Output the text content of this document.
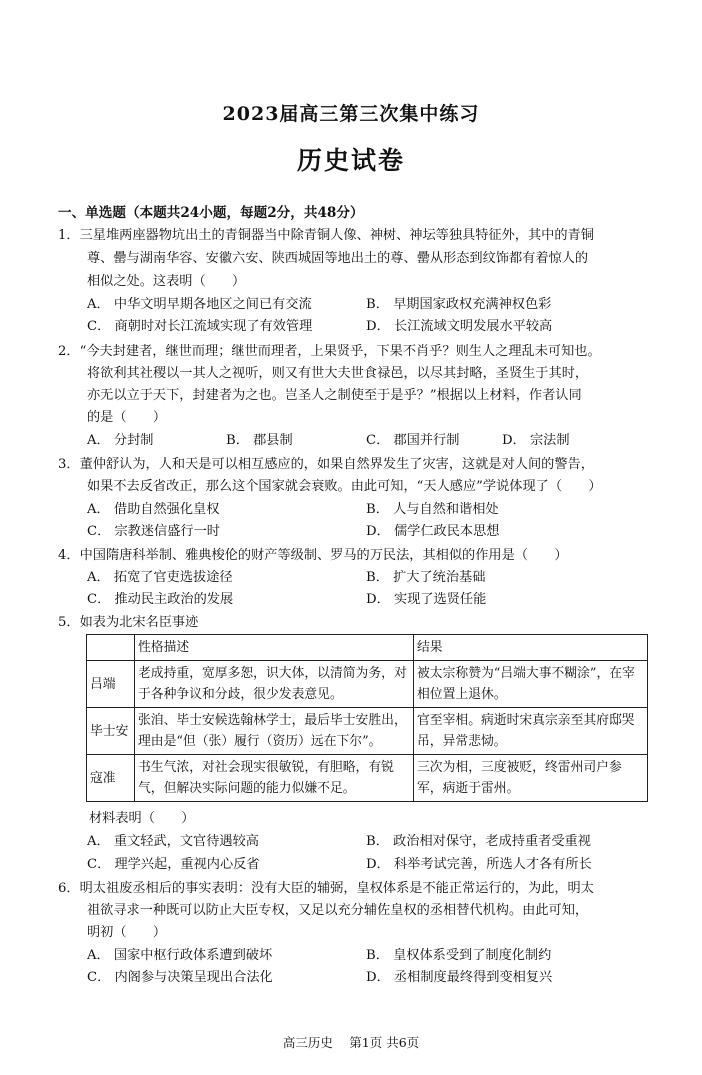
2023届高三第三次集中练习
历史试卷
一、单选题（本题共24小题，每题2分，共48分）
1．三星堆两座器物坑出土的青铜器当中除青铜人像、神树、神坛等独具特征外，其中的青铜
尊、罍与湖南华容、安徽六安、陕西城固等地出土的尊、罍从形态到纹饰都有着惊人的
相似之处。这表明（　　）
A． 中华文明早期各地区之间已有交流	B． 早期国家政权充满神权色彩
C． 商朝时对长江流域实现了有效管理	D． 长江流域文明发展水平较高
2．“今夫封建者，继世而理；继世而理者，上果贤乎，下果不肖乎？则生人之理乱未可知也。
将欲利其社稷以一其人之视听，则又有世大夫世食禄邑，以尽其封略，圣贤生于其时，
亦无以立于天下，封建者为之也。岂圣人之制使至于是乎？”根据以上材料，作者认同
的是（　　）
A． 分封制	B． 郡县制	C． 郡国并行制	D． 宗法制
3．董仲舒认为，人和天是可以相互感应的，如果自然界发生了灾害，这就是对人间的警告，
如果不去反省改正，那么这个国家就会衰败。由此可知，“天人感应”学说体现了（　　）
A． 借助自然强化皇权	B． 人与自然和谐相处
C． 宗教迷信盛行一时	D． 儒学仁政民本思想
4．中国隋唐科举制、雅典梭伦的财产等级制、罗马的万民法，其相似的作用是（　　）
A． 拓宽了官吏选拔途径	B． 扩大了统治基础
C． 推动民主政治的发展	D． 实现了选贤任能
5．如表为北宋名臣事迹
	性格描述	结果
吕端	老成持重，宽厚多恕，识大体，以清简为务，对于各种争议和分歧，很少发表意见。	被太宗称赞为“吕端大事不糊涂”，在宰相位置上退休。
毕士安	张洎、毕士安候选翰林学士，最后毕士安胜出，理由是“但（张）履行（资历）远在下尔”。	官至宰相。病逝时宋真宗亲至其府邸哭吊，异常悲恸。
寇准	书生气浓，对社会现实很敏锐，有胆略，有锐气，但解决实际问题的能力似嫌不足。	三次为相，三度被贬，终雷州司户参军，病逝于雷州。
材料表明（　　）
A． 重文轻武，文官待遇较高	B． 政治相对保守，老成持重者受重视
C． 理学兴起，重视内心反省	D． 科举考试完善，所选人才各有所长
6．明太祖废丞相后的事实表明：没有大臣的辅弼，皇权体系是不能正常运行的，为此，明太
祖欲寻求一种既可以防止大臣专权，又足以充分辅佐皇权的丞相替代机构。由此可知，
明初（　　）
A． 国家中枢行政体系遭到破坏	B． 皇权体系受到了制度化制约
C． 内阁参与决策呈现出合法化	D． 丞相制度最终得到变相复兴
高三历史　 第1页 共6页
